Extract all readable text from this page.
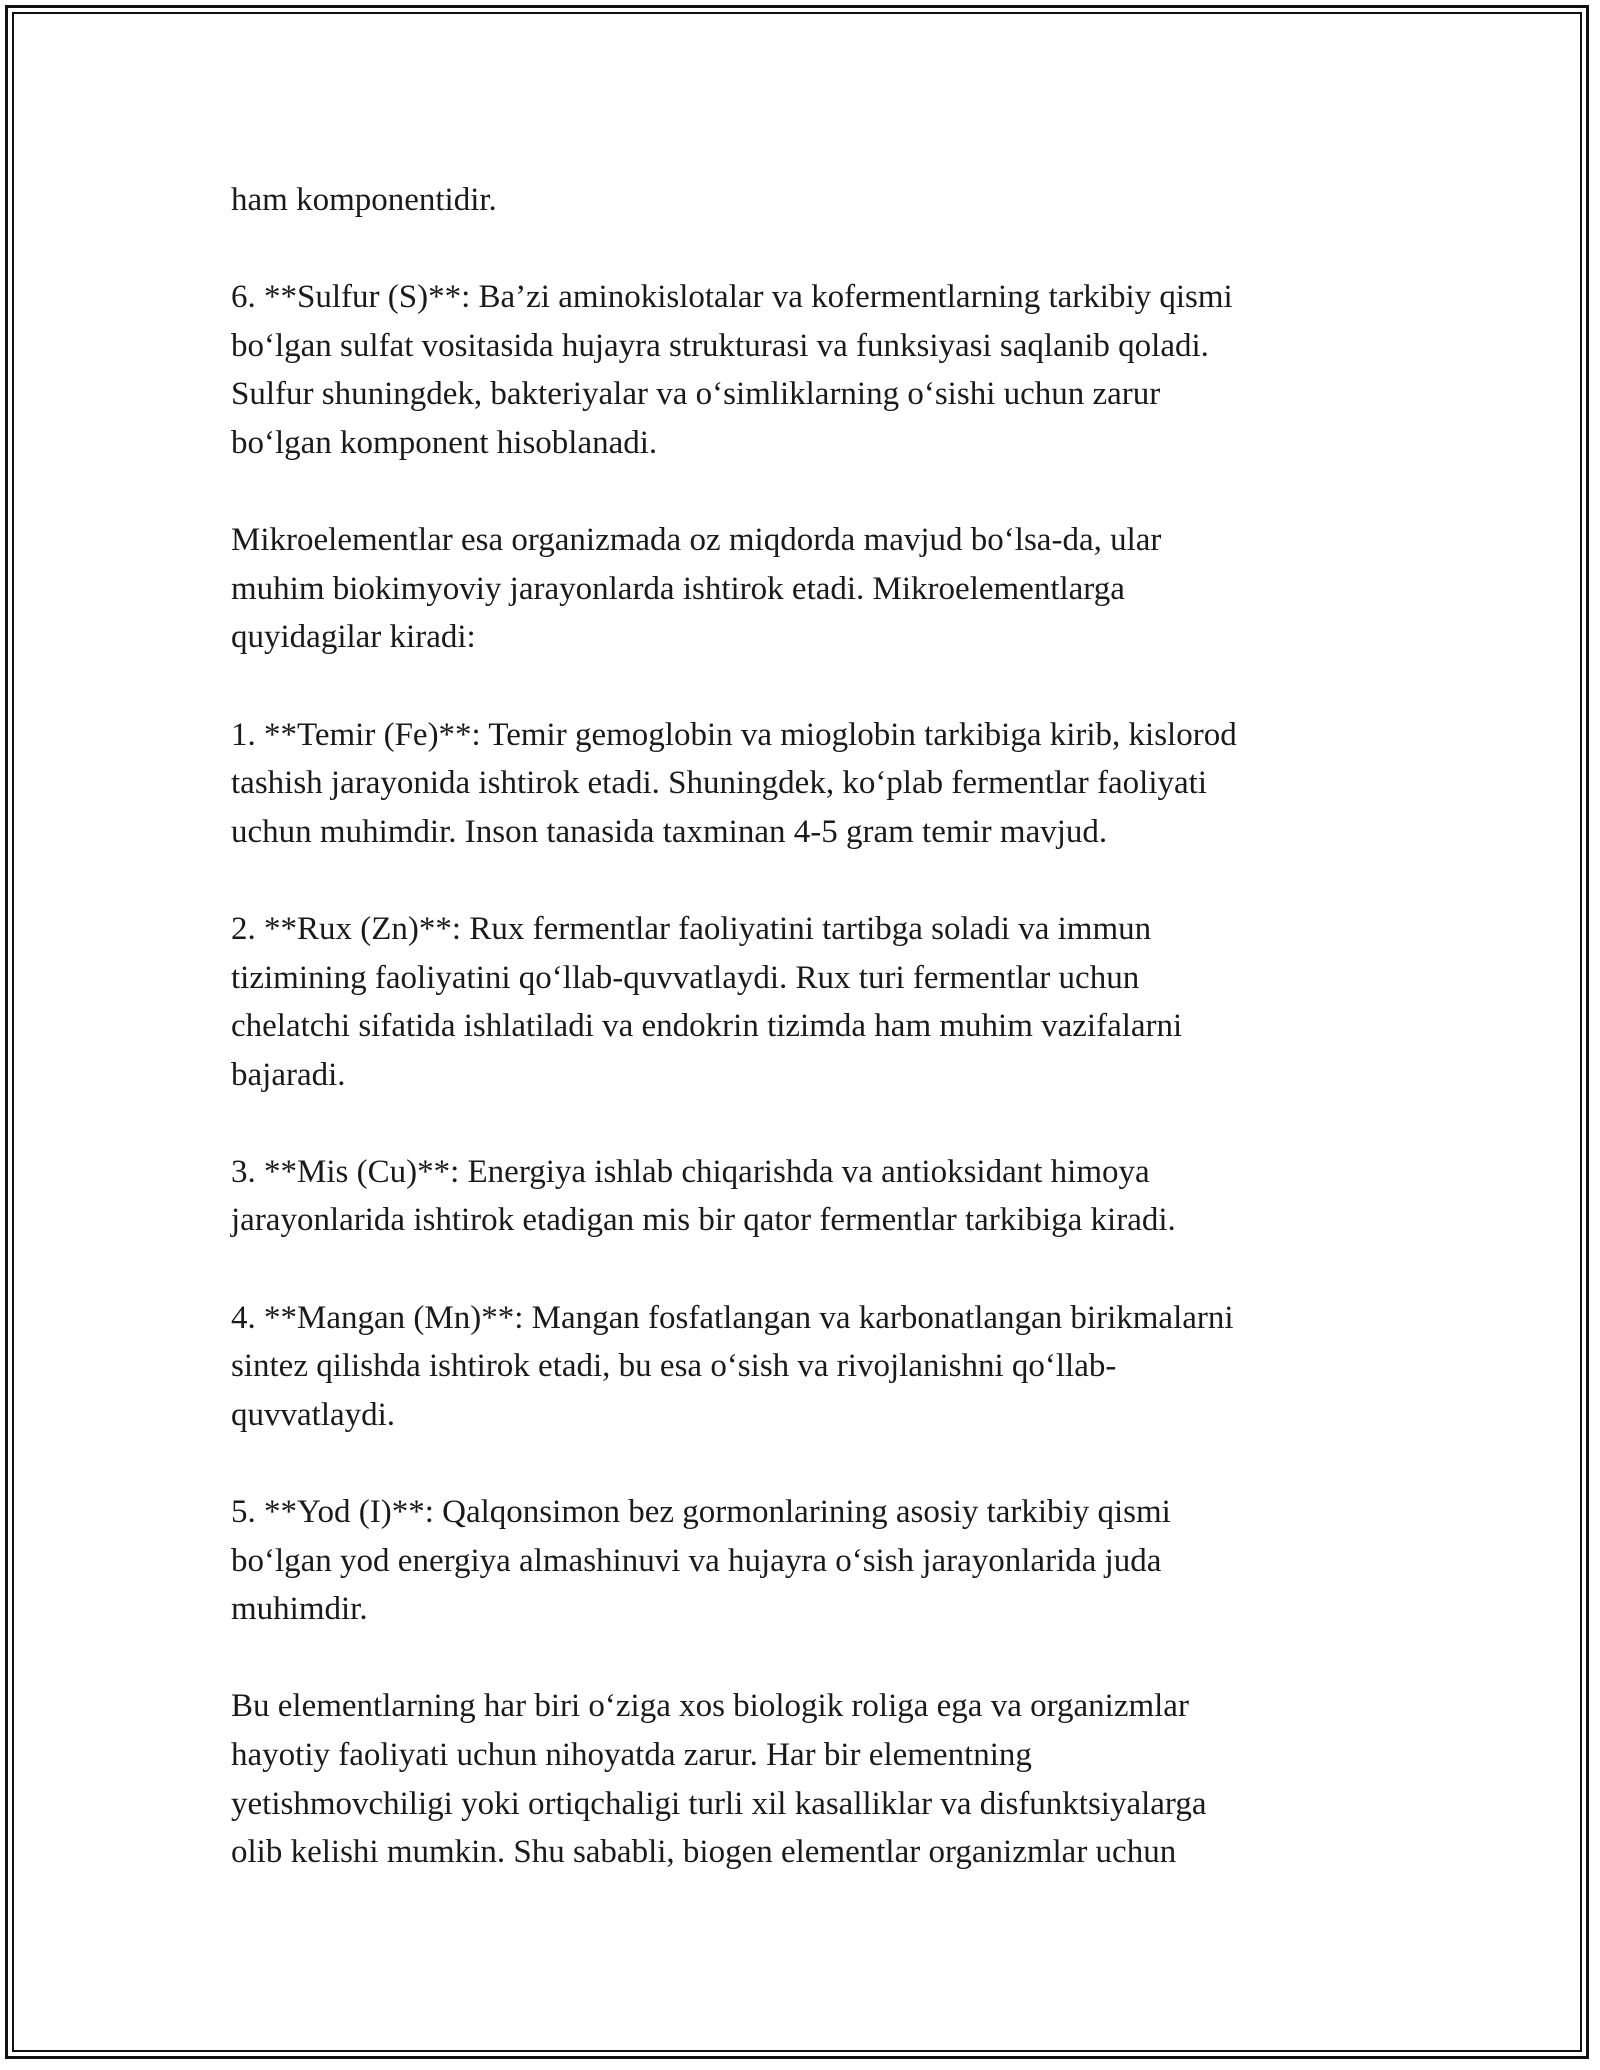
ham komponentidir.
6. **Sulfur (S)**: Ba’zi aminokislotalar va kofermentlarning tarkibiy qismi
bo‘lgan sulfat vositasida hujayra strukturasi va funksiyasi saqlanib qoladi.
Sulfur shuningdek, bakteriyalar va o‘simliklarning o‘sishi uchun zarur
bo‘lgan komponent hisoblanadi.
Mikroelementlar esa organizmada oz miqdorda mavjud bo‘lsa-da, ular
muhim biokimyoviy jarayonlarda ishtirok etadi. Mikroelementlarga
quyidagilar kiradi:
1. **Temir (Fe)**: Temir gemoglobin va mioglobin tarkibiga kirib, kislorod
tashish jarayonida ishtirok etadi. Shuningdek, ko‘plab fermentlar faoliyati
uchun muhimdir. Inson tanasida taxminan 4-5 gram temir mavjud.
2. **Rux (Zn)**: Rux fermentlar faoliyatini tartibga soladi va immun
tizimining faoliyatini qo‘llab-quvvatlaydi. Rux turi fermentlar uchun
chelatchi sifatida ishlatiladi va endokrin tizimda ham muhim vazifalarni
bajaradi.
3. **Mis (Cu)**: Energiya ishlab chiqarishda va antioksidant himoya
jarayonlarida ishtirok etadigan mis bir qator fermentlar tarkibiga kiradi.
4. **Mangan (Mn)**: Mangan fosfatlangan va karbonatlangan birikmalarni
sintez qilishda ishtirok etadi, bu esa o‘sish va rivojlanishni qo‘llab-
quvvatlaydi.
5. **Yod (I)**: Qalqonsimon bez gormonlarining asosiy tarkibiy qismi
bo‘lgan yod energiya almashinuvi va hujayra o‘sish jarayonlarida juda
muhimdir.
Bu elementlarning har biri o‘ziga xos biologik roliga ega va organizmlar
hayotiy faoliyati uchun nihoyatda zarur. Har bir elementning
yetishmovchiligi yoki ortiqchaligi turli xil kasalliklar va disfunktsiyalarga
olib kelishi mumkin. Shu sababli, biogen elementlar organizmlar uchun
